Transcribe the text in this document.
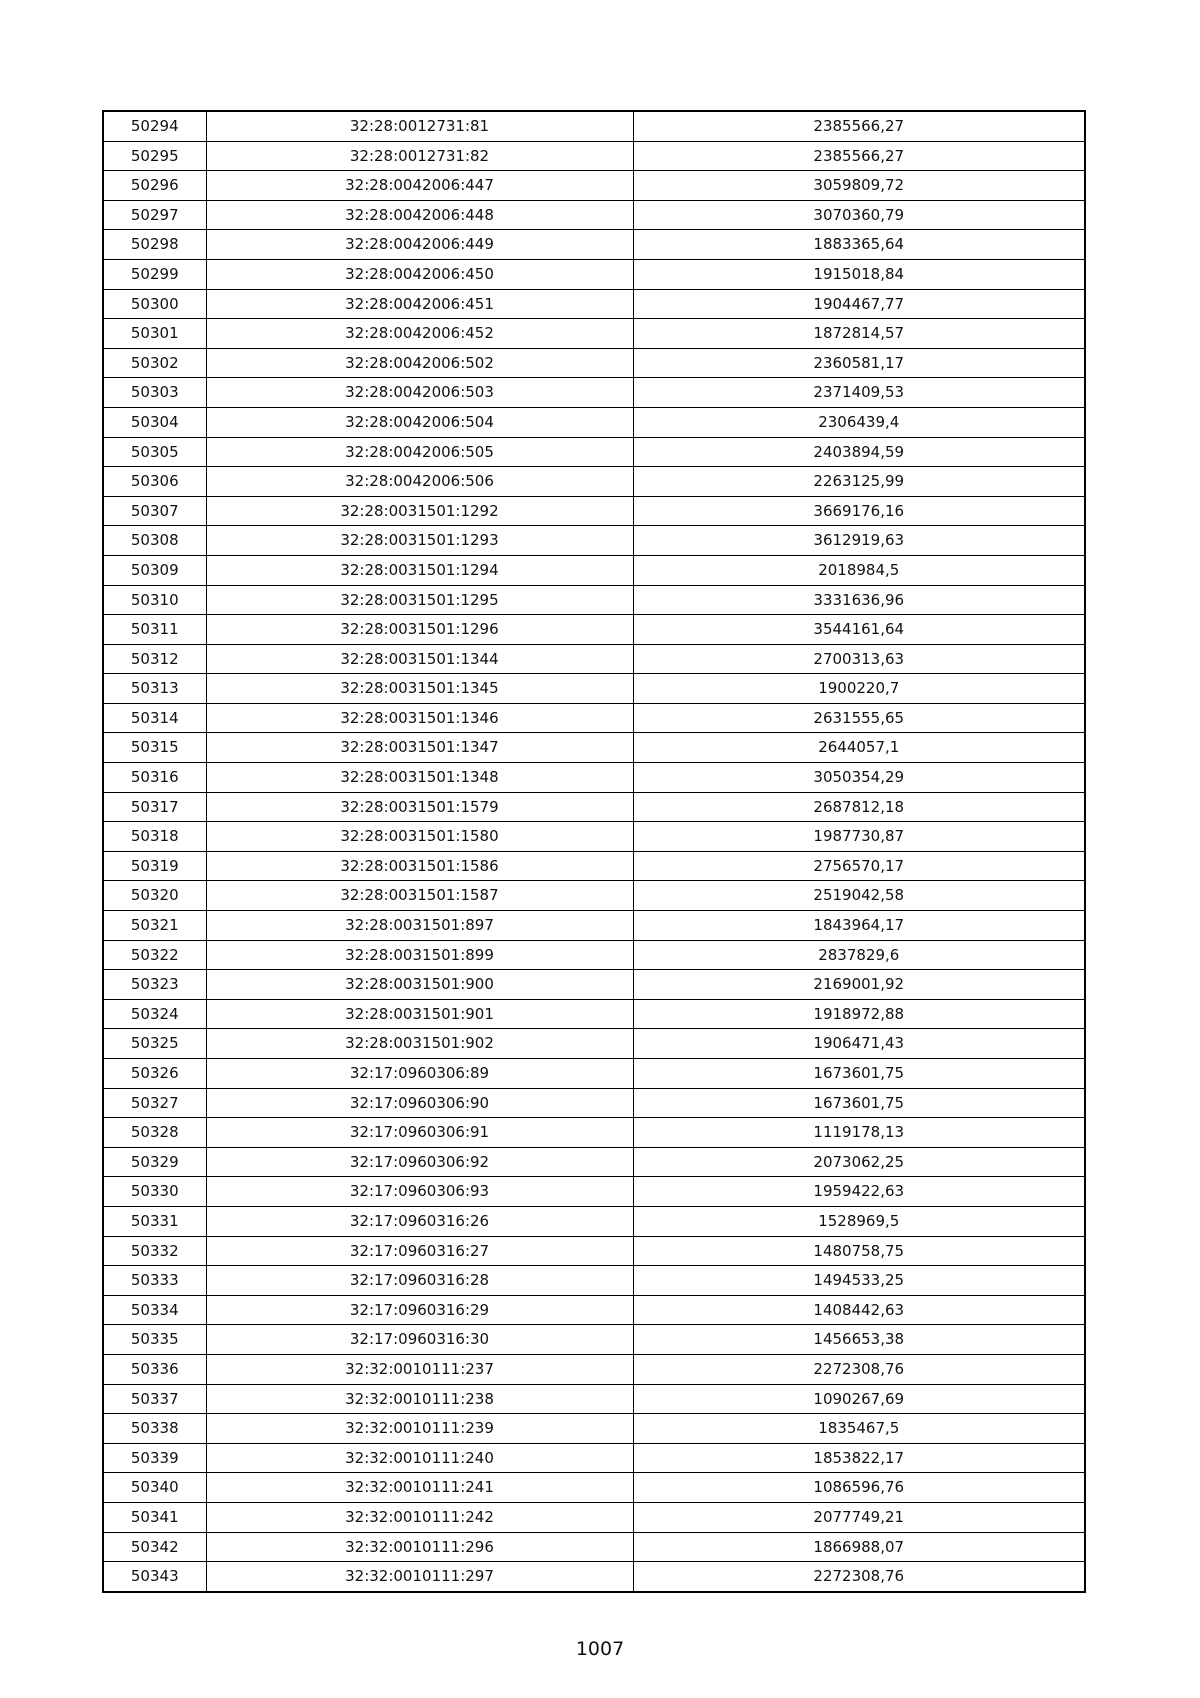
50294	32:28:0012731:81	2385566,27
50295	32:28:0012731:82	2385566,27
50296	32:28:0042006:447	3059809,72
50297	32:28:0042006:448	3070360,79
50298	32:28:0042006:449	1883365,64
50299	32:28:0042006:450	1915018,84
50300	32:28:0042006:451	1904467,77
50301	32:28:0042006:452	1872814,57
50302	32:28:0042006:502	2360581,17
50303	32:28:0042006:503	2371409,53
50304	32:28:0042006:504	2306439,4
50305	32:28:0042006:505	2403894,59
50306	32:28:0042006:506	2263125,99
50307	32:28:0031501:1292	3669176,16
50308	32:28:0031501:1293	3612919,63
50309	32:28:0031501:1294	2018984,5
50310	32:28:0031501:1295	3331636,96
50311	32:28:0031501:1296	3544161,64
50312	32:28:0031501:1344	2700313,63
50313	32:28:0031501:1345	1900220,7
50314	32:28:0031501:1346	2631555,65
50315	32:28:0031501:1347	2644057,1
50316	32:28:0031501:1348	3050354,29
50317	32:28:0031501:1579	2687812,18
50318	32:28:0031501:1580	1987730,87
50319	32:28:0031501:1586	2756570,17
50320	32:28:0031501:1587	2519042,58
50321	32:28:0031501:897	1843964,17
50322	32:28:0031501:899	2837829,6
50323	32:28:0031501:900	2169001,92
50324	32:28:0031501:901	1918972,88
50325	32:28:0031501:902	1906471,43
50326	32:17:0960306:89	1673601,75
50327	32:17:0960306:90	1673601,75
50328	32:17:0960306:91	1119178,13
50329	32:17:0960306:92	2073062,25
50330	32:17:0960306:93	1959422,63
50331	32:17:0960316:26	1528969,5
50332	32:17:0960316:27	1480758,75
50333	32:17:0960316:28	1494533,25
50334	32:17:0960316:29	1408442,63
50335	32:17:0960316:30	1456653,38
50336	32:32:0010111:237	2272308,76
50337	32:32:0010111:238	1090267,69
50338	32:32:0010111:239	1835467,5
50339	32:32:0010111:240	1853822,17
50340	32:32:0010111:241	1086596,76
50341	32:32:0010111:242	2077749,21
50342	32:32:0010111:296	1866988,07
50343	32:32:0010111:297	2272308,76
1007
